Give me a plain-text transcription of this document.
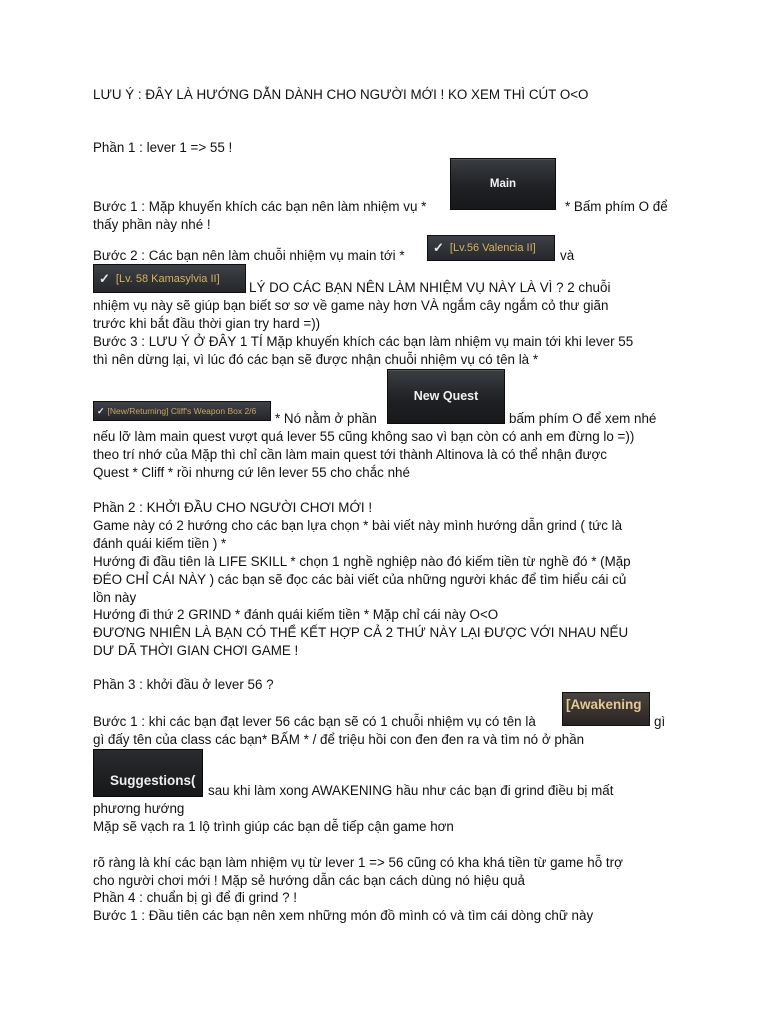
LƯU Ý : ĐÂY LÀ HƯỚNG DẪN DÀNH CHO NGƯỜI MỚI ! KO XEM THÌ CÚT O<O
Phần 1 : lever 1 => 55 !
Main
Bước 1 : Mặp khuyến khích các bạn nên làm nhiệm vụ *	* Bấm phím O để
thấy phần này nhé !
Bước 2 : Các bạn nên làm chuỗi nhiệm vụ main tới *
✓ [Lv.56 Valencia II] và
✓ [Lv. 58 Kamasylvia II]
LÝ DO CÁC BẠN NÊN LÀM NHIỆM VỤ NÀY LÀ VÌ ? 2 chuỗi
nhiệm vụ này sẽ giúp bạn biết sơ sơ về game này hơn VÀ ngắm cây ngắm cỏ thư giãn
trước khi bắt đầu thời gian try hard =))
Bước 3 : LƯU Ý Ở ĐÂY 1 TÍ Mặp khuyến khích các bạn làm nhiệm vụ main tới khi lever 55
thì nên dừng lại, vì lúc đó các bạn sẽ được nhận chuỗi nhiệm vụ có tên là *
✓ [New/Returning] Cliff's Weapon Box 2/6 * Nó nằm ở phần
New Quest
bấm phím O để xem nhé
nếu lỡ làm main quest vượt quá lever 55 cũng không sao vì bạn còn có anh em đừng lo =))
theo trí nhớ của Mặp thì chỉ cần làm main quest tới thành Altinova là có thể nhận được
Quest * Cliff * rồi nhưng cứ lên lever 55 cho chắc nhé
Phần 2 : KHỞI ĐẦU CHO NGƯỜI CHƠI MỚI !
Game này có 2 hướng cho các bạn lựa chọn * bài viết này mình hướng dẫn grind ( tức là
đánh quái kiếm tiền ) *
Hướng đi đầu tiên là LIFE SKILL * chọn 1 nghề nghiệp nào đó kiếm tiền từ nghề đó * (Mặp
ĐÉO CHỈ CÁI NÀY ) các bạn sẽ đọc các bài viết của những người khác để tìm hiểu cái củ
lồn này
Hướng đi thứ 2 GRIND * đánh quái kiếm tiền * Mặp chỉ cái này O<O
ĐƯƠNG NHIÊN LÀ BẠN CÓ THỂ KẾT HỢP CẢ 2 THỨ NÀY LẠI ĐƯỢC VỚI NHAU NẾU
DƯ DÃ THỜI GIAN CHƠI GAME !
Phần 3 : khởi đầu ở lever 56 ?
Bước 1 : khi các bạn đạt lever 56 các bạn sẽ có 1 chuỗi nhiệm vụ có tên là
[Awakening
gì
gì đấy tên của class các bạn* BẤM * / để triệu hồi con đen đen ra và tìm nó ở phần
Suggestions(
sau khi làm xong AWAKENING hầu như các bạn đi grind điều bị mất
phương hướng
Mặp sẽ vạch ra 1 lộ trình giúp các bạn dễ tiếp cận game hơn
rõ ràng là khí các bạn làm nhiệm vụ từ lever 1 => 56 cũng có kha khá tiền từ game hỗ trợ
cho người chơi mới ! Mặp sẻ hướng dẫn các bạn cách dùng nó hiệu quả
Phần 4 : chuẩn bị gì để đi grind ? !
Bước 1 : Đầu tiên các bạn nên xem những món đồ mình có và tìm cái dòng chữ này
